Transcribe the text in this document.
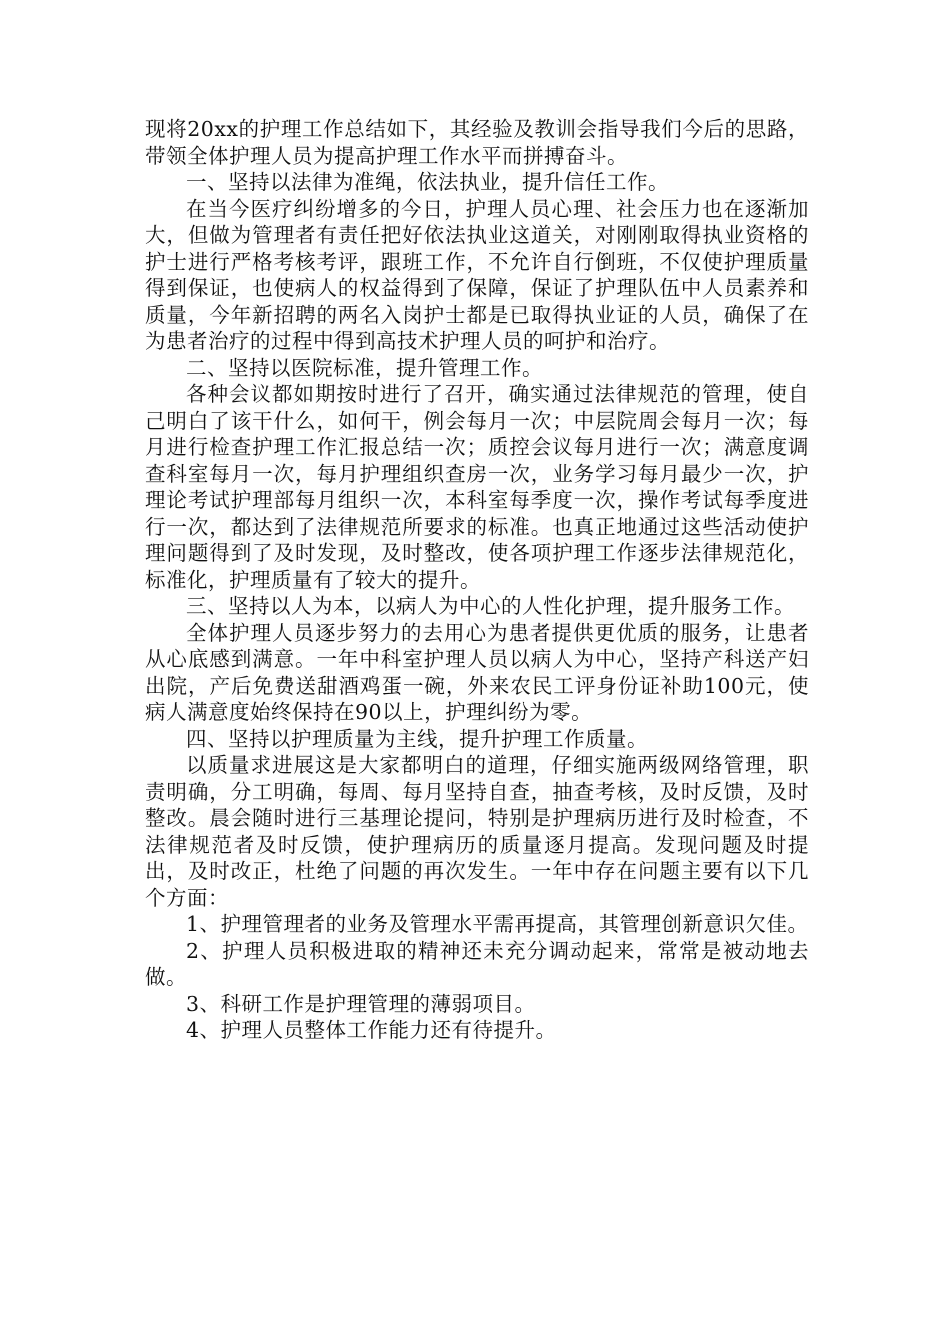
现将20xx的护理工作总结如下，其经验及教训会指导我们今后的思路，带领全体护理人员为提高护理工作水平而拼搏奋斗。

一、坚持以法律为准绳，依法执业，提升信任工作。

在当今医疗纠纷增多的今日，护理人员心理、社会压力也在逐渐加大，但做为管理者有责任把好依法执业这道关，对刚刚取得执业资格的护士进行严格考核考评，跟班工作，不允许自行倒班，不仅使护理质量得到保证，也使病人的权益得到了保障，保证了护理队伍中人员素养和质量，今年新招聘的两名入岗护士都是已取得执业证的人员，确保了在为患者治疗的过程中得到高技术护理人员的呵护和治疗。

二、坚持以医院标准，提升管理工作。

各种会议都如期按时进行了召开，确实通过法律规范的管理，使自己明白了该干什么，如何干，例会每月一次；中层院周会每月一次；每月进行检查护理工作汇报总结一次；质控会议每月进行一次；满意度调查科室每月一次，每月护理组织查房一次，业务学习每月最少一次，护理论考试护理部每月组织一次，本科室每季度一次，操作考试每季度进行一次，都达到了法律规范所要求的标准。也真正地通过这些活动使护理问题得到了及时发现，及时整改，使各项护理工作逐步法律规范化，标准化，护理质量有了较大的提升。

三、坚持以人为本，以病人为中心的人性化护理，提升服务工作。

全体护理人员逐步努力的去用心为患者提供更优质的服务，让患者从心底感到满意。一年中科室护理人员以病人为中心，坚持产科送产妇出院，产后免费送甜酒鸡蛋一碗，外来农民工评身份证补助100元，使病人满意度始终保持在90以上，护理纠纷为零。

四、坚持以护理质量为主线，提升护理工作质量。

以质量求进展这是大家都明白的道理，仔细实施两级网络管理，职责明确，分工明确，每周、每月坚持自查，抽查考核，及时反馈，及时整改。晨会随时进行三基理论提问，特别是护理病历进行及时检查，不法律规范者及时反馈，使护理病历的质量逐月提高。发现问题及时提出，及时改正，杜绝了问题的再次发生。一年中存在问题主要有以下几个方面：

1、护理管理者的业务及管理水平需再提高，其管理创新意识欠佳。

2、护理人员积极进取的精神还未充分调动起来，常常是被动地去做。

3、科研工作是护理管理的薄弱项目。

4、护理人员整体工作能力还有待提升。
